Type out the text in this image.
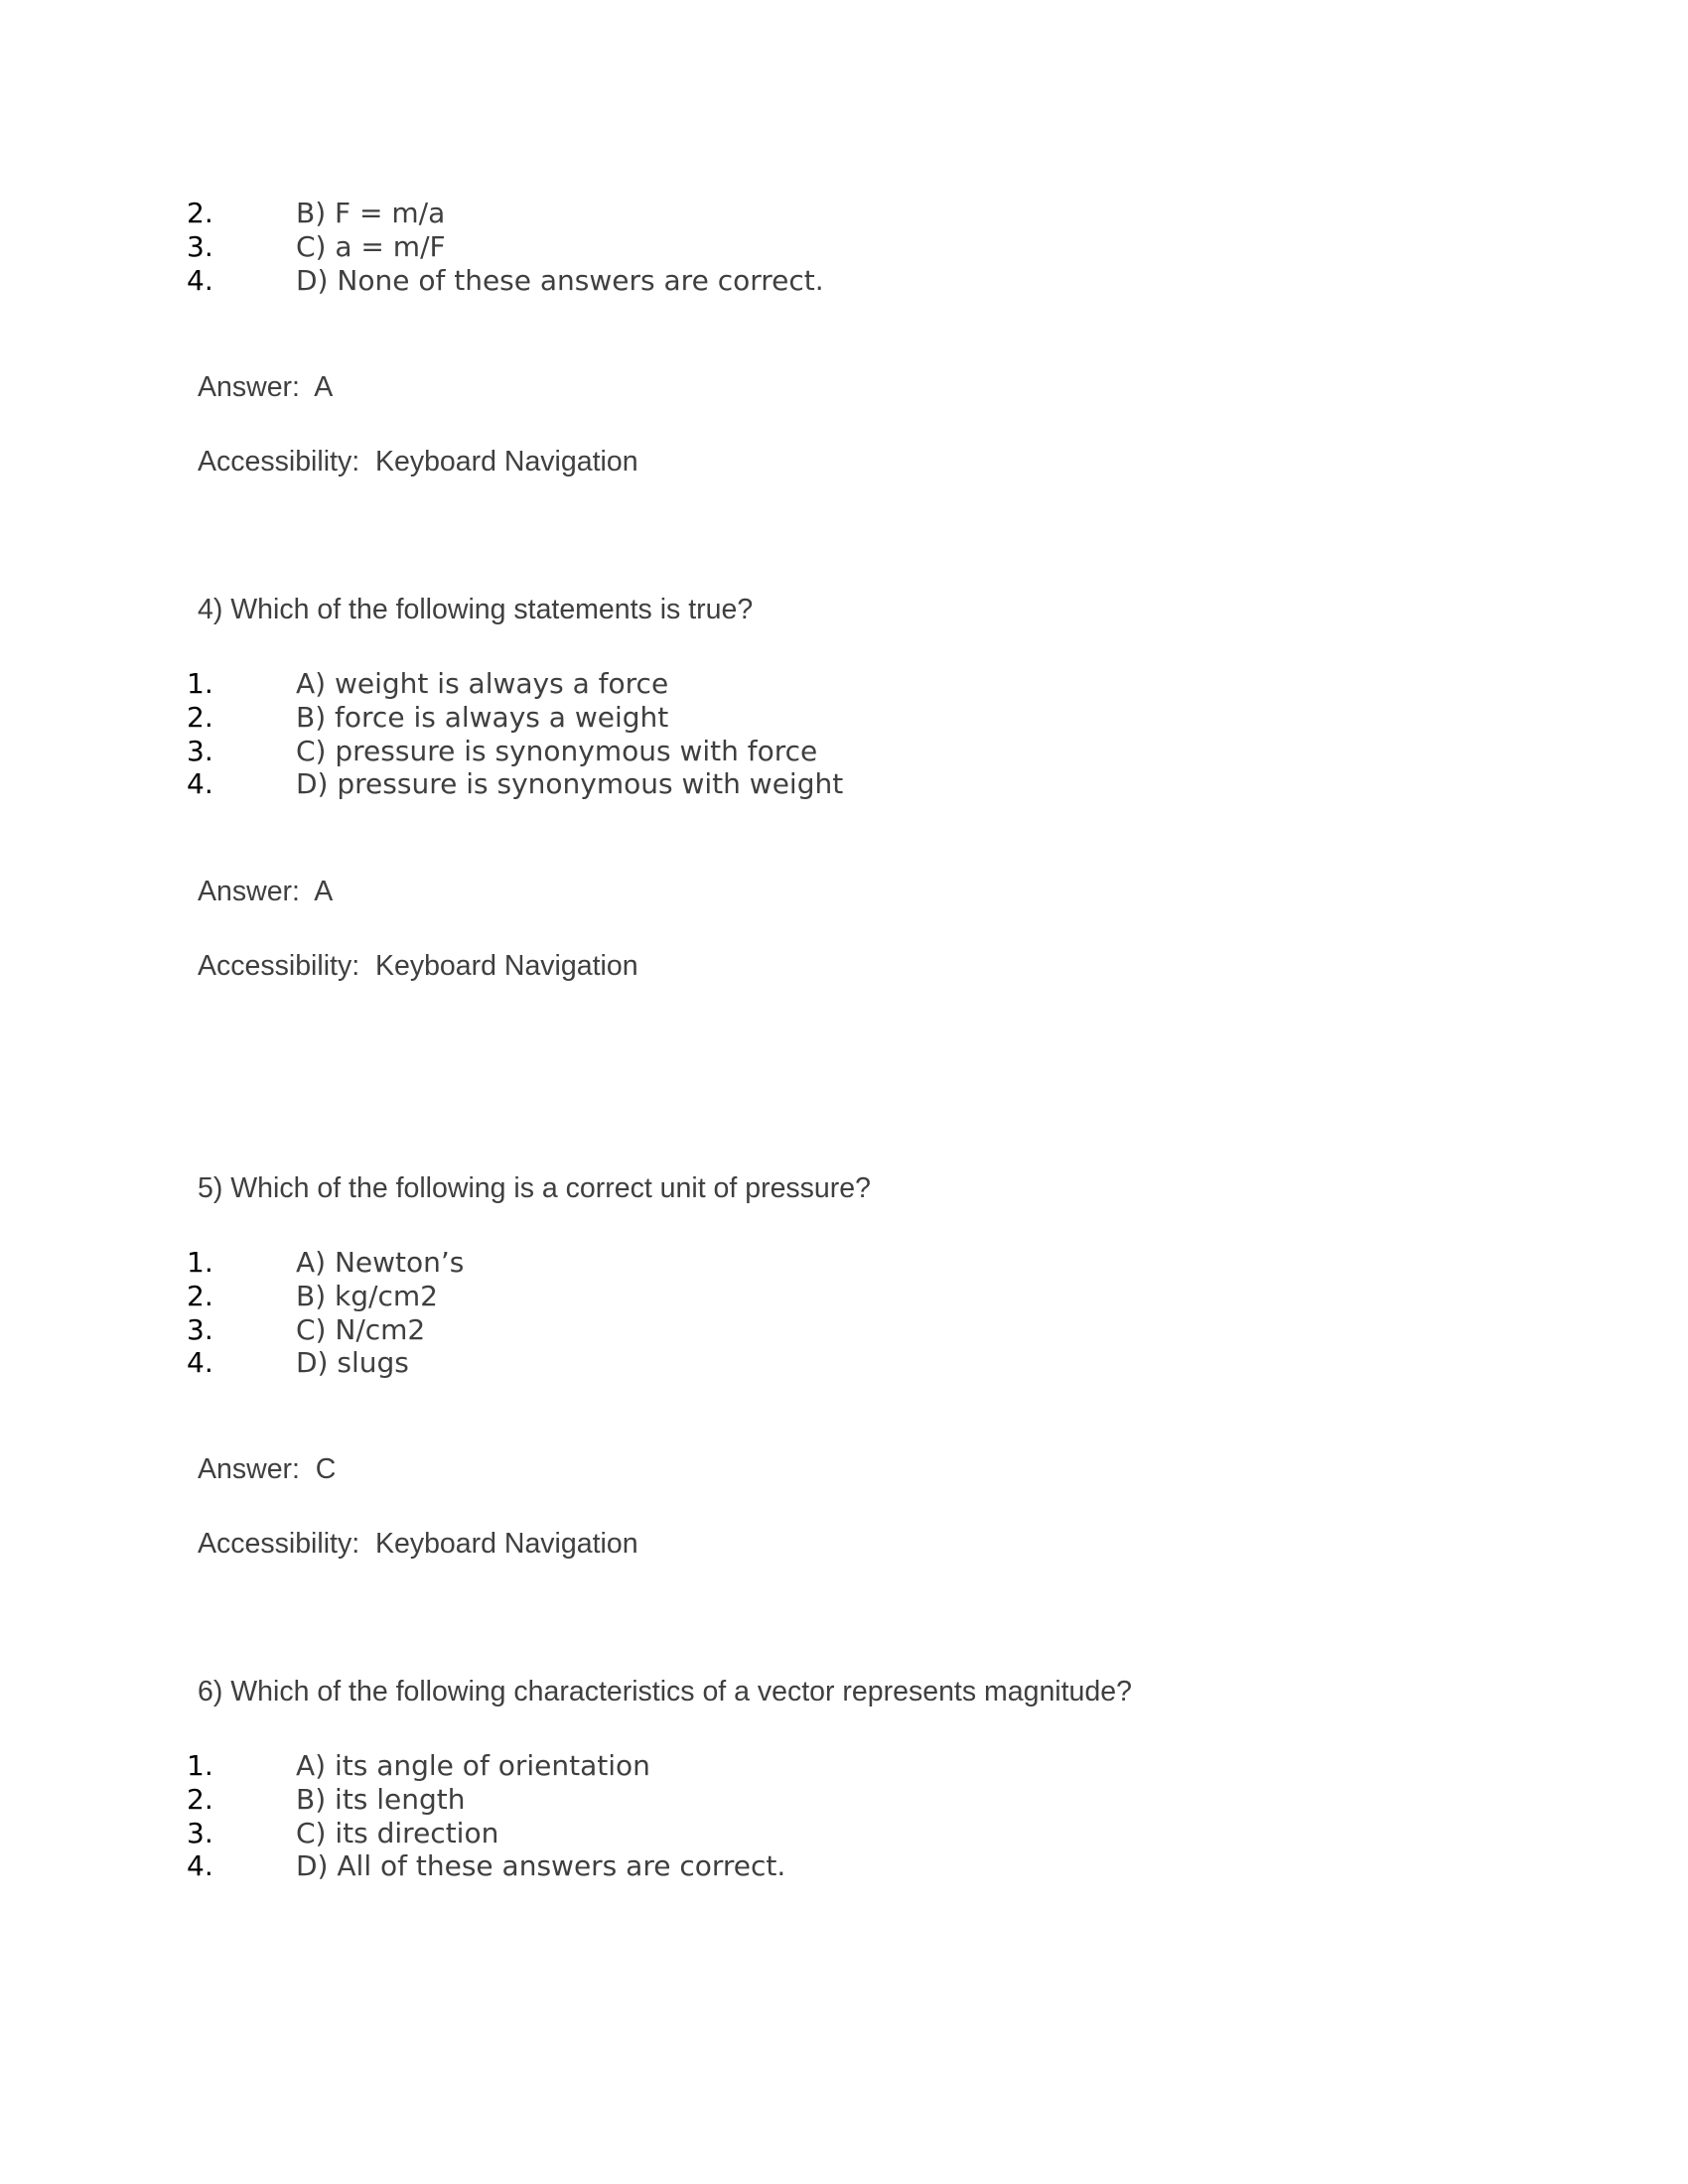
2.	B) F = m/a
3.	C) a = m/F
4.	D) None of these answers are correct.

Answer:  A

Accessibility:  Keyboard Navigation

4) Which of the following statements is true?

1.	A) weight is always a force
2.	B) force is always a weight
3.	C) pressure is synonymous with force
4.	D) pressure is synonymous with weight

Answer:  A

Accessibility:  Keyboard Navigation

5) Which of the following is a correct unit of pressure?

1.	A) Newton’s
2.	B) kg/cm2
3.	C) N/cm2
4.	D) slugs

Answer:  C

Accessibility:  Keyboard Navigation

6) Which of the following characteristics of a vector represents magnitude?

1.	A) its angle of orientation
2.	B) its length
3.	C) its direction
4.	D) All of these answers are correct.
